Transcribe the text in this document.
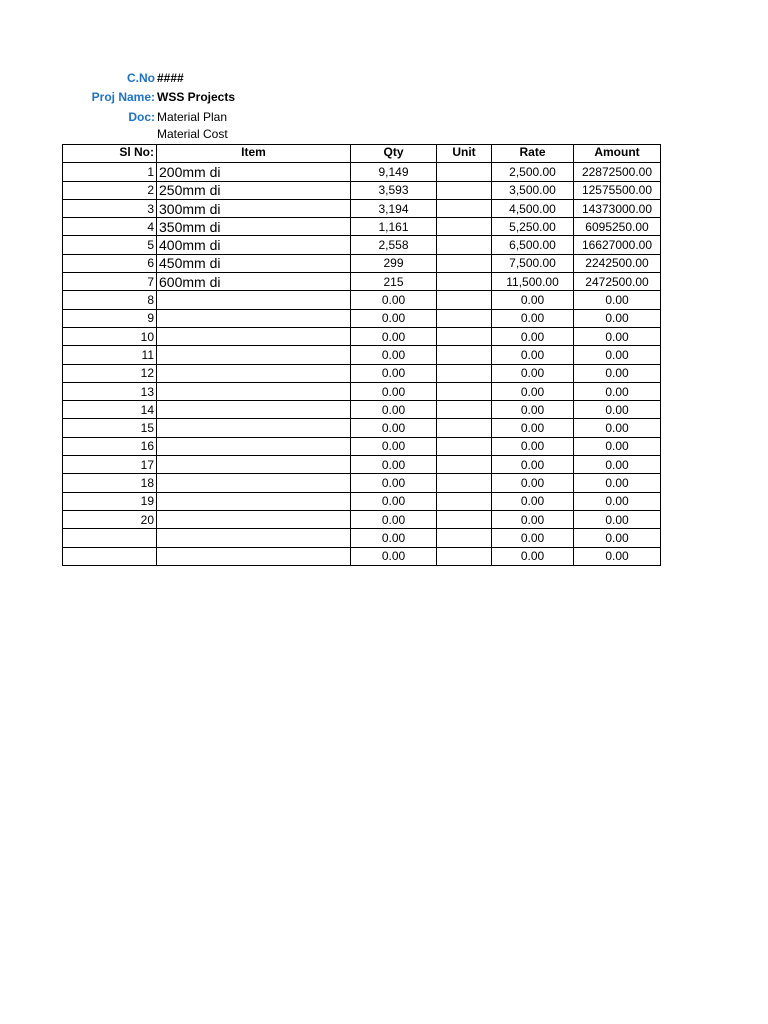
C.No ####
Proj Name: WSS Projects
Doc: Material Plan
Material Cost
Sl No:	Item	Qty	Unit	Rate	Amount
1	200mm di	9,149		2,500.00	22872500.00
2	250mm di	3,593		3,500.00	12575500.00
3	300mm di	3,194		4,500.00	14373000.00
4	350mm di	1,161		5,250.00	6095250.00
5	400mm di	2,558		6,500.00	16627000.00
6	450mm di	299		7,500.00	2242500.00
7	600mm di	215		11,500.00	2472500.00
8		0.00		0.00	0.00
9		0.00		0.00	0.00
10		0.00		0.00	0.00
11		0.00		0.00	0.00
12		0.00		0.00	0.00
13		0.00		0.00	0.00
14		0.00		0.00	0.00
15		0.00		0.00	0.00
16		0.00		0.00	0.00
17		0.00		0.00	0.00
18		0.00		0.00	0.00
19		0.00		0.00	0.00
20		0.00		0.00	0.00
		0.00		0.00	0.00
		0.00		0.00	0.00
